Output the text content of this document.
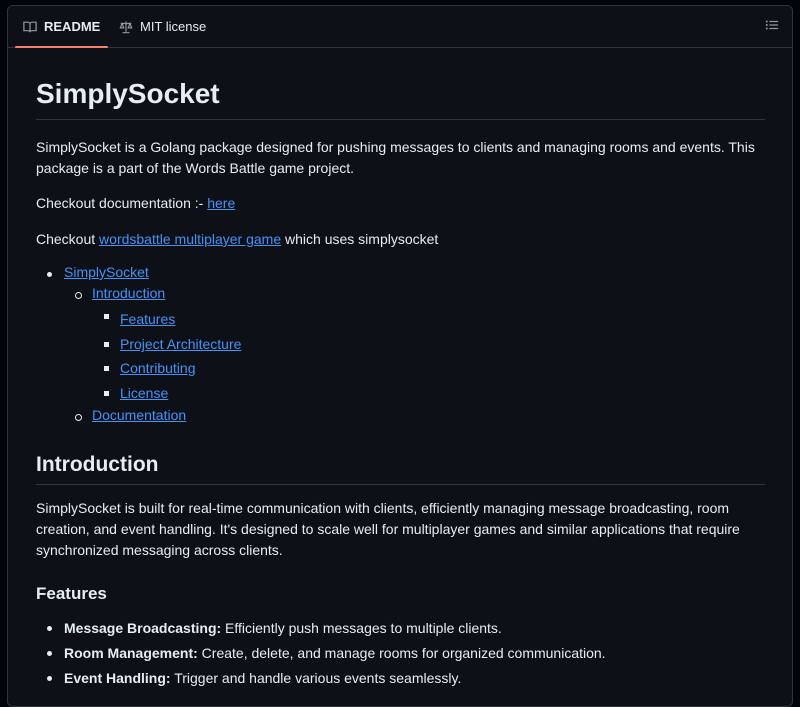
README	MIT license
SimplySocket

SimplySocket is a Golang package designed for pushing messages to clients and managing rooms and events. This package is a part of the Words Battle game project.

Checkout documentation :- here

Checkout wordsbattle multiplayer game which uses simplysocket

SimplySocket
Introduction
Features
Project Architecture
Contributing
License
Documentation
Introduction

SimplySocket is built for real-time communication with clients, efficiently managing message broadcasting, room creation, and event handling. It's designed to scale well for multiplayer games and similar applications that require synchronized messaging across clients.

Features
Message Broadcasting: Efficiently push messages to multiple clients.
Room Management: Create, delete, and manage rooms for organized communication.
Event Handling: Trigger and handle various events seamlessly.
